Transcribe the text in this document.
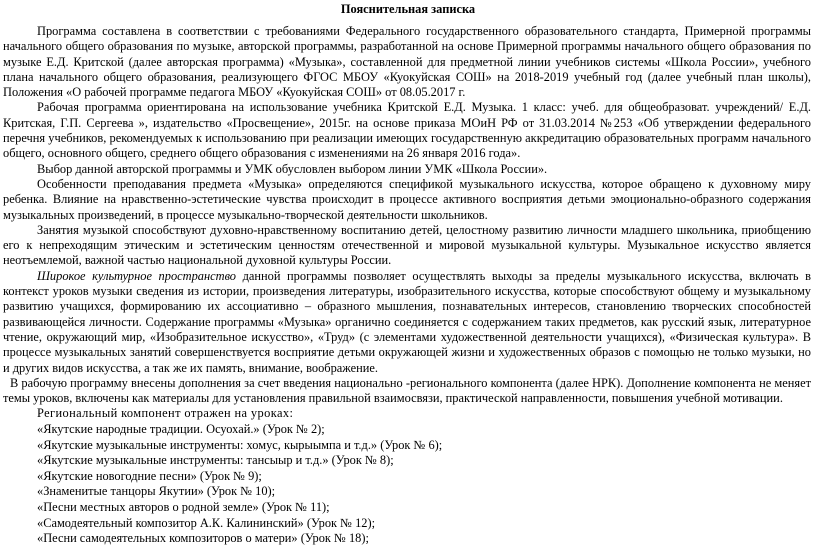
Пояснительная записка

Программа составлена в соответствии с требованиями Федерального государственного образовательного стандарта, Примерной программы начального общего образования по музыке, авторской программы, разработанной на основе Примерной программы начального общего образования по музыке Е.Д. Критской (далее авторская программа) «Музыка», составленной для предметной линии учебников системы «Школа России», учебного плана начального общего образования, реализующего ФГОС МБОУ «Куокуйская СОШ» на 2018-2019 учебный год (далее учебный план школы), Положения «О рабочей программе педагога МБОУ «Куокуйская СОШ» от 08.05.2017 г.

Рабочая программа ориентирована на использование учебника Критской Е.Д. Музыка. 1 класс: учеб. для общеобразоват. учреждений/ Е.Д. Критская, Г.П. Сергеева », издательство «Просвещение», 2015г. на основе приказа МОиН РФ от 31.03.2014 №253 «Об утверждении федерального перечня учебников, рекомендуемых к использованию при реализации имеющих государственную аккредитацию образовательных программ начального общего, основного общего, среднего общего образования с изменениями на 26 января 2016 года».

Выбор данной авторской программы и УМК обусловлен выбором линии УМК «Школа России».

Особенности преподавания предмета «Музыка» определяются спецификой музыкального искусства, которое обращено к духовному миру ребенка. Влияние на нравственно-эстетические чувства происходит в процессе активного восприятия детьми эмоционально-образного содержания музыкальных произведений, в процессе музыкально-творческой деятельности школьников.

Занятия музыкой способствуют духовно-нравственному воспитанию детей, целостному развитию личности младшего школьника, приобщению его к непреходящим этическим и эстетическим ценностям отечественной и мировой музыкальной культуры. Музыкальное искусство является неотъемлемой, важной частью национальной духовной культуры России.

Широкое культурное пространство данной программы позволяет осуществлять выходы за пределы музыкального искусства, включать в контекст уроков музыки сведения из истории, произведения литературы, изобразительного искусства, которые способствуют общему и музыкальному развитию учащихся, формированию их ассоциативно – образного мышления, познавательных интересов, становлению творческих способностей развивающейся личности. Содержание программы «Музыка» органично соединяется с содержанием таких предметов, как русский язык, литературное чтение, окружающий мир, «Изобразительное искусство», «Труд» (с элементами художественной деятельности учащихся), «Физическая культура». В процессе музыкальных занятий совершенствуется восприятие детьми окружающей жизни и художественных образов с помощью не только музыки, но и других видов искусства, а так же их память, внимание, воображение.

В рабочую программу внесены дополнения за счет введения национально -регионального компонента (далее НРК). Дополнение компонента не меняет темы уроков, включены как материалы для установления правильной взаимосвязи, практической направленности, повышения учебной мотивации.

Региональный компонент отражен на уроках:
«Якутские народные традиции. Осуохай.» (Урок № 2);
«Якутские музыкальные инструменты: хомус, кырыымпа и т.д.» (Урок № 6);
«Якутские музыкальные инструменты: тансыыр и т.д.» (Урок № 8);
«Якутские новогодние песни» (Урок № 9);
«Знаменитые танцоры Якутии» (Урок № 10);
«Песни местных авторов о родной земле» (Урок № 11);
«Самодеятельный композитор А.К. Калининский» (Урок № 12);
«Песни самодеятельных композиторов о матери» (Урок № 18);
